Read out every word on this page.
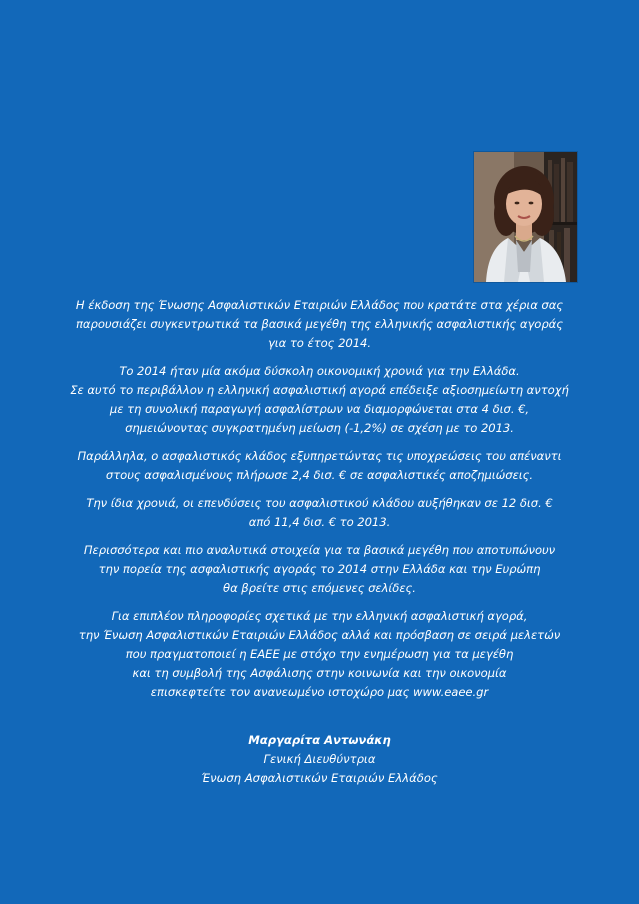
Η έκδοση της Ένωσης Ασφαλιστικών Εταιριών Ελλάδος που κρατάτε στα χέρια σας
παρουσιάζει συγκεντρωτικά τα βασικά μεγέθη της ελληνικής ασφαλιστικής αγοράς
για το έτος 2014.

Το 2014 ήταν μία ακόμα δύσκολη οικονομική χρονιά για την Ελλάδα.
Σε αυτό το περιβάλλον η ελληνική ασφαλιστική αγορά επέδειξε αξιοσημείωτη αντοχή
με τη συνολική παραγωγή ασφαλίστρων να διαμορφώνεται στα 4 δισ. €,
σημειώνοντας συγκρατημένη μείωση (-1,2%) σε σχέση με το 2013.

Παράλληλα, ο ασφαλιστικός κλάδος εξυπηρετώντας τις υποχρεώσεις του απέναντι
στους ασφαλισμένους πλήρωσε 2,4 δισ. € σε ασφαλιστικές αποζημιώσεις.

Την ίδια χρονιά, οι επενδύσεις του ασφαλιστικού κλάδου αυξήθηκαν σε 12 δισ. €
από 11,4 δισ. € το 2013.

Περισσότερα και πιο αναλυτικά στοιχεία για τα βασικά μεγέθη που αποτυπώνουν
την πορεία της ασφαλιστικής αγοράς το 2014 στην Ελλάδα και την Ευρώπη
θα βρείτε στις επόμενες σελίδες.

Για επιπλέον πληροφορίες σχετικά με την ελληνική ασφαλιστική αγορά,
την Ένωση Ασφαλιστικών Εταιριών Ελλάδος αλλά και πρόσβαση σε σειρά μελετών
που πραγματοποιεί η ΕΑΕΕ με στόχο την ενημέρωση για τα μεγέθη
και τη συμβολή της Ασφάλισης στην κοινωνία και την οικονομία
επισκεφτείτε τον ανανεωμένο ιστοχώρο μας www.eaee.gr

Μαργαρίτα Αντωνάκη
Γενική Διευθύντρια
Ένωση Ασφαλιστικών Εταιριών Ελλάδος
